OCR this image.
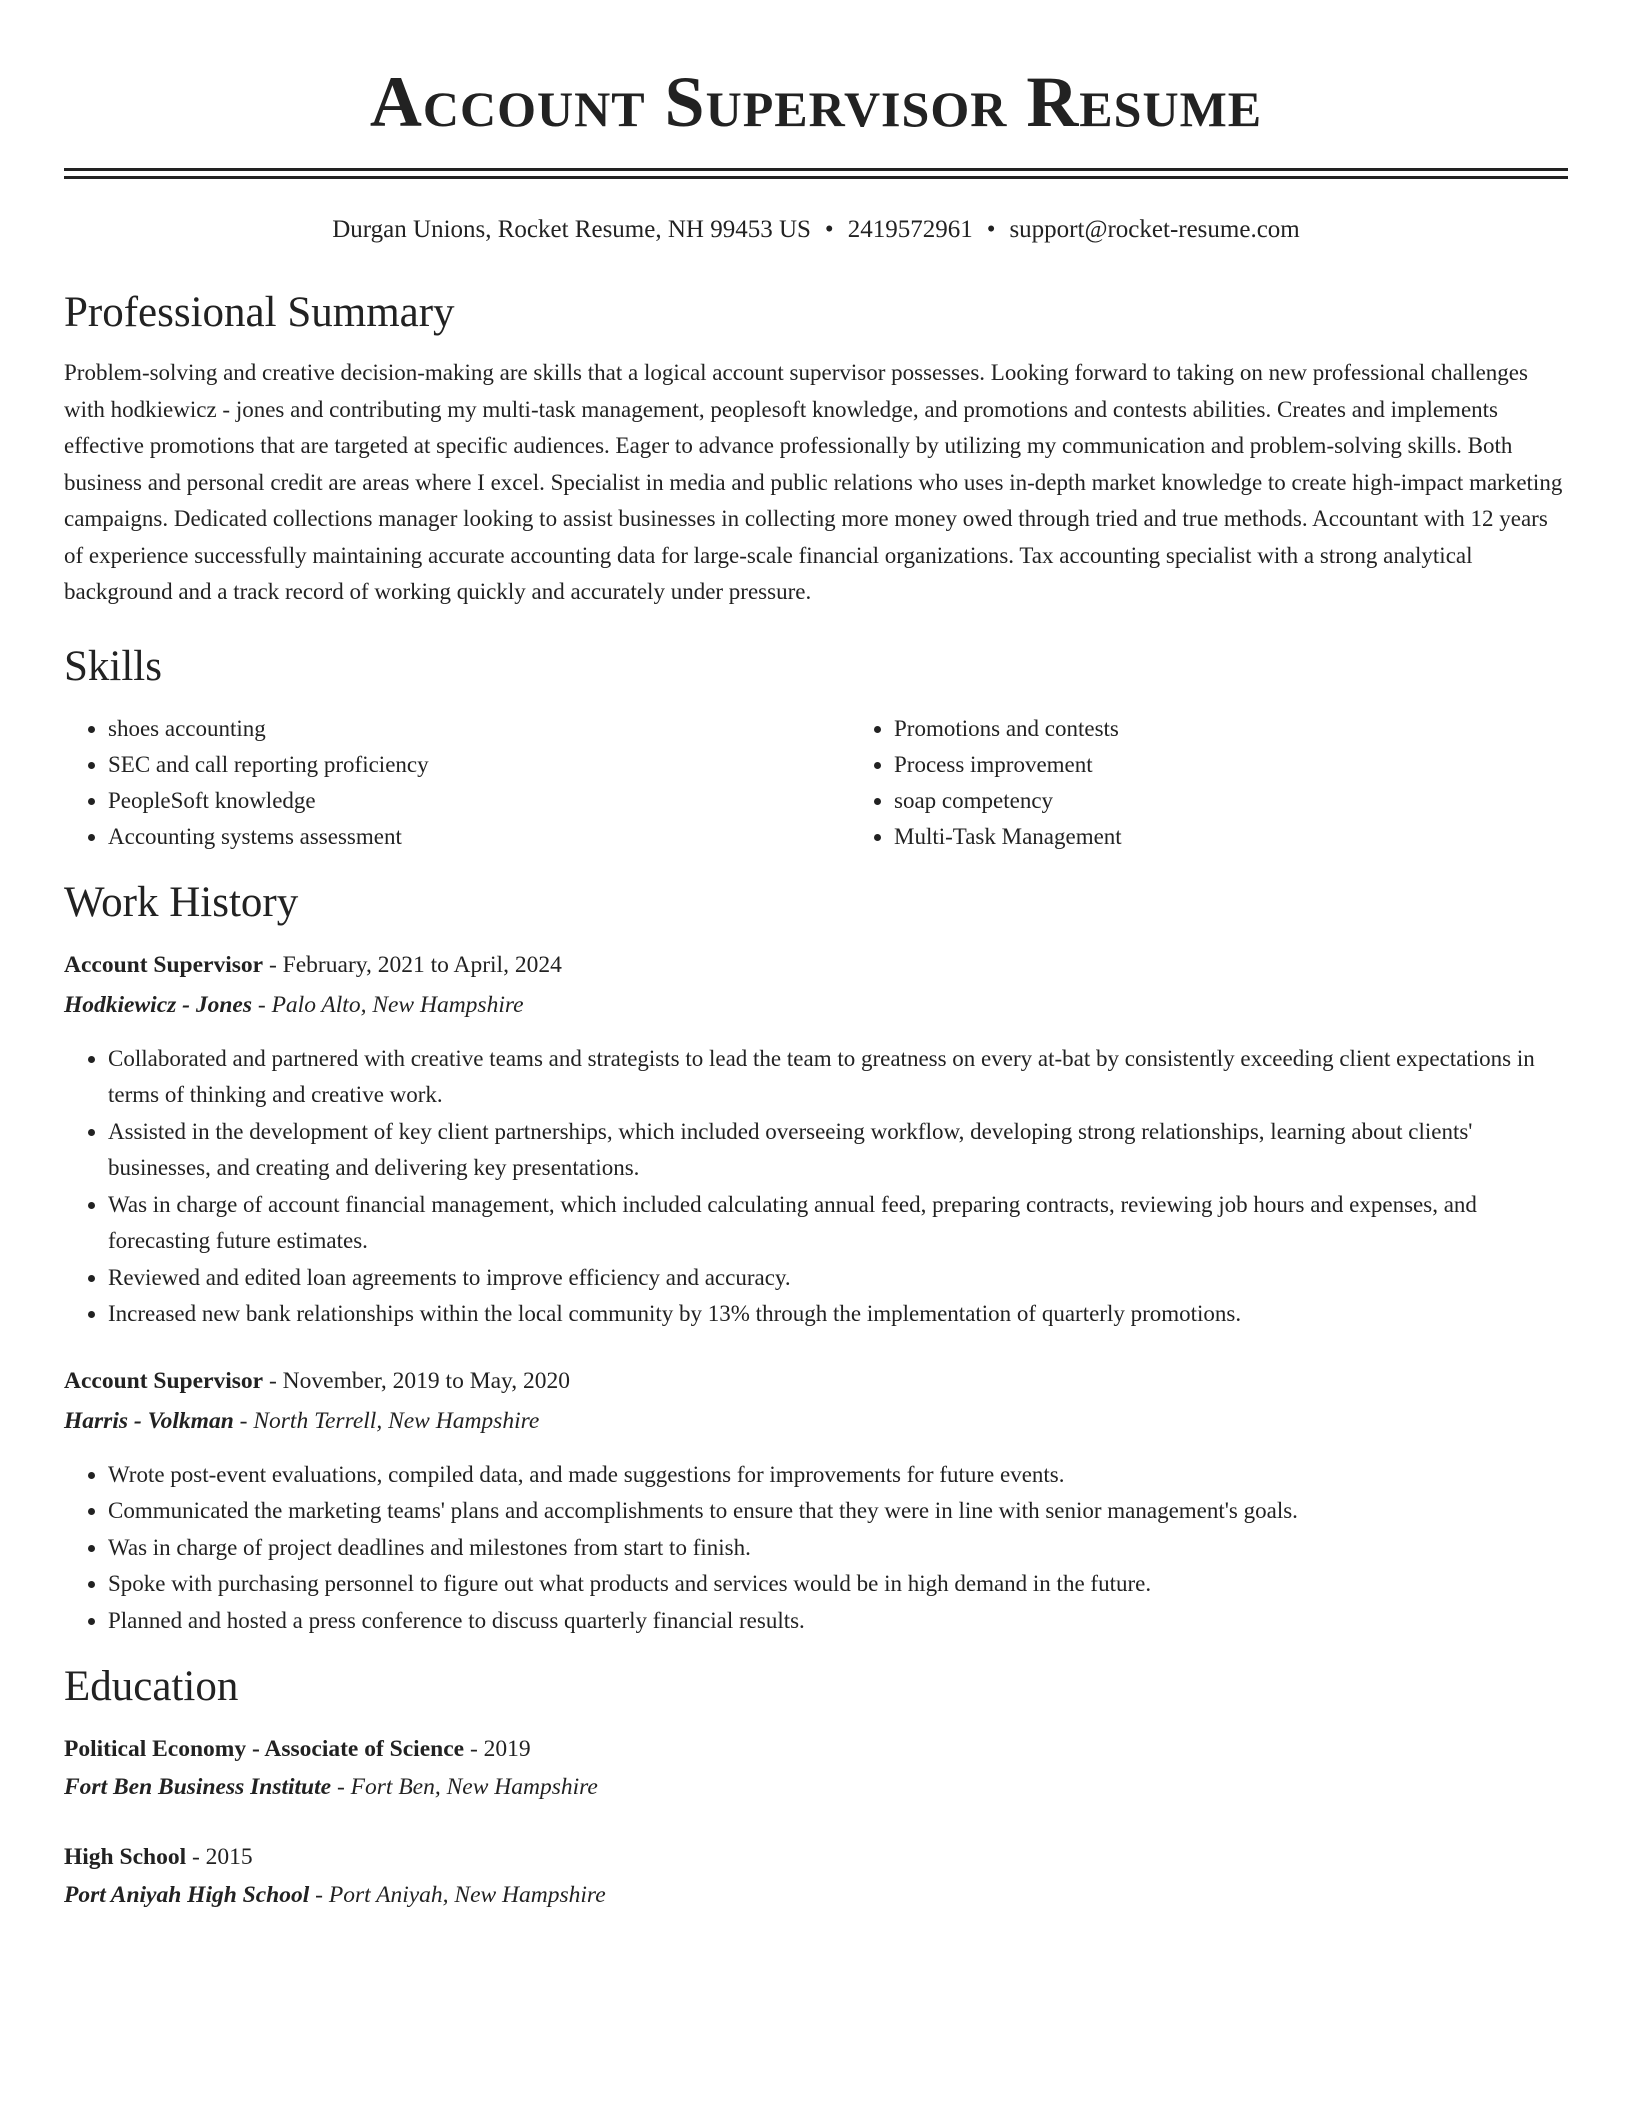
Account Supervisor Resume
Durgan Unions, Rocket Resume, NH 99453 US • 2419572961 • support@rocket-resume.com
Professional Summary

Problem-solving and creative decision-making are skills that a logical account supervisor possesses. Looking forward to taking on new professional challenges with hodkiewicz - jones and contributing my multi-task management, peoplesoft knowledge, and promotions and contests abilities. Creates and implements effective promotions that are targeted at specific audiences. Eager to advance professionally by utilizing my communication and problem-solving skills. Both business and personal credit are areas where I excel. Specialist in media and public relations who uses in-depth market knowledge to create high-impact marketing campaigns. Dedicated collections manager looking to assist businesses in collecting more money owed through tried and true methods. Accountant with 12 years of experience successfully maintaining accurate accounting data for large-scale financial organizations. Tax accounting specialist with a strong analytical background and a track record of working quickly and accurately under pressure.

Skills
• shoes accounting
• SEC and call reporting proficiency
• PeopleSoft knowledge
• Accounting systems assessment
• Promotions and contests
• Process improvement
• soap competency
• Multi-Task Management
Work History
Account Supervisor - February, 2021 to April, 2024
Hodkiewicz - Jones - Palo Alto, New Hampshire
• Collaborated and partnered with creative teams and strategists to lead the team to greatness on every at-bat by consistently exceeding client expectations in terms of thinking and creative work.
• Assisted in the development of key client partnerships, which included overseeing workflow, developing strong relationships, learning about clients' businesses, and creating and delivering key presentations.
• Was in charge of account financial management, which included calculating annual feed, preparing contracts, reviewing job hours and expenses, and forecasting future estimates.
• Reviewed and edited loan agreements to improve efficiency and accuracy.
• Increased new bank relationships within the local community by 13% through the implementation of quarterly promotions.
Account Supervisor - November, 2019 to May, 2020
Harris - Volkman - North Terrell, New Hampshire
• Wrote post-event evaluations, compiled data, and made suggestions for improvements for future events.
• Communicated the marketing teams' plans and accomplishments to ensure that they were in line with senior management's goals.
• Was in charge of project deadlines and milestones from start to finish.
• Spoke with purchasing personnel to figure out what products and services would be in high demand in the future.
• Planned and hosted a press conference to discuss quarterly financial results.
Education
Political Economy - Associate of Science - 2019
Fort Ben Business Institute - Fort Ben, New Hampshire
High School - 2015
Port Aniyah High School - Port Aniyah, New Hampshire
